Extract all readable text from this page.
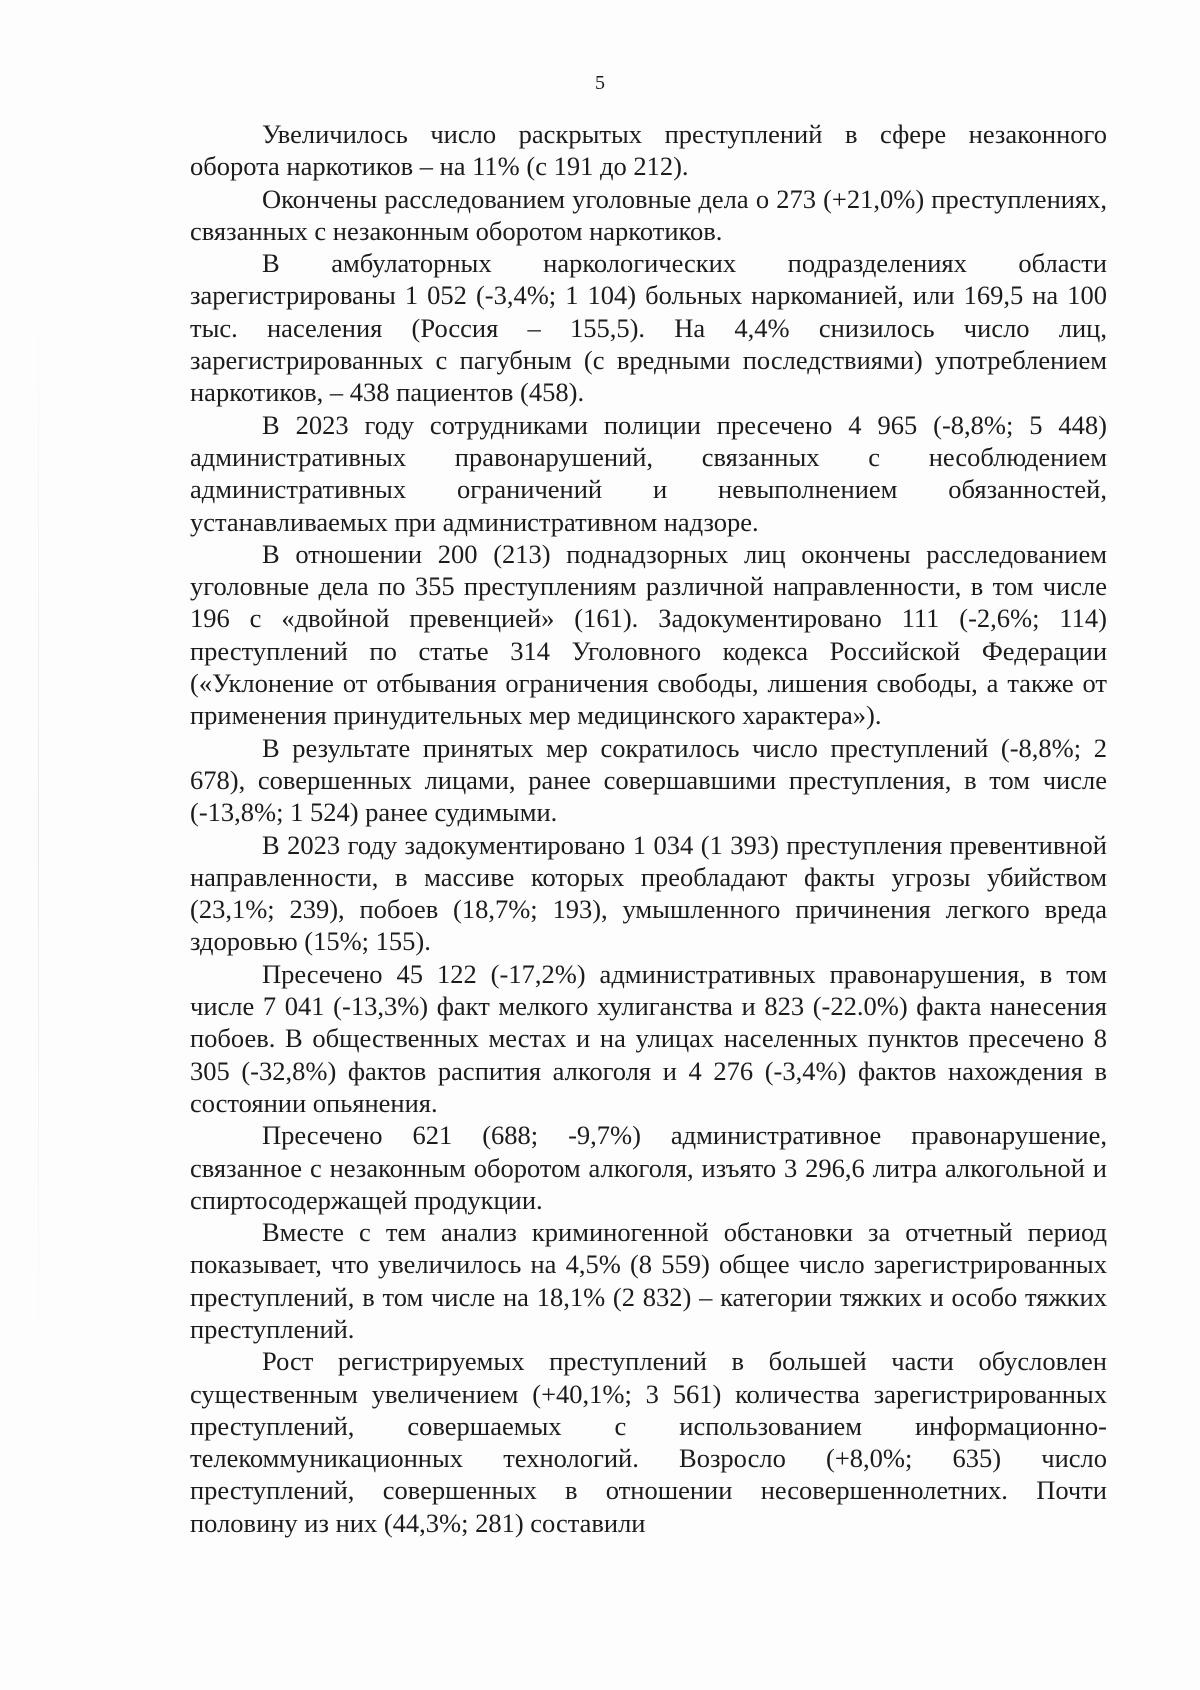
5

Увеличилось число раскрытых преступлений в сфере незаконного оборота наркотиков – на 11% (с 191 до 212).

Окончены расследованием уголовные дела о 273 (+21,0%) преступлениях, связанных с незаконным оборотом наркотиков.

В амбулаторных наркологических подразделениях области зарегистрированы 1 052 (-3,4%; 1 104) больных наркоманией, или 169,5 на 100 тыс. населения (Россия – 155,5). На 4,4% снизилось число лиц, зарегистрированных с пагубным (с вредными последствиями) употреблением наркотиков, – 438 пациентов (458).

В 2023 году сотрудниками полиции пресечено 4 965 (-8,8%; 5 448) административных правонарушений, связанных с несоблюдением административных ограничений и невыполнением обязанностей, устанавливаемых при административном надзоре.

В отношении 200 (213) поднадзорных лиц окончены расследованием уголовные дела по 355 преступлениям различной направленности, в том числе 196 с «двойной превенцией» (161). Задокументировано 111 (-2,6%; 114) преступлений по статье 314 Уголовного кодекса Российской Федерации («Уклонение от отбывания ограничения свободы, лишения свободы, а также от применения принудительных мер медицинского характера»).

В результате принятых мер сократилось число преступлений (-8,8%; 2 678), совершенных лицами, ранее совершавшими преступления, в том числе (-13,8%; 1 524) ранее судимыми.

В 2023 году задокументировано 1 034 (1 393) преступления превентивной направленности, в массиве которых преобладают факты угрозы убийством (23,1%; 239), побоев (18,7%; 193), умышленного причинения легкого вреда здоровью (15%; 155).

Пресечено 45 122 (-17,2%) административных правонарушения, в том числе 7 041 (-13,3%) факт мелкого хулиганства и 823 (-22.0%) факта нанесения побоев. В общественных местах и на улицах населенных пунктов пресечено 8 305 (-32,8%) фактов распития алкоголя и 4 276 (-3,4%) фактов нахождения в состоянии опьянения.

Пресечено 621 (688; -9,7%) административное правонарушение, связанное с незаконным оборотом алкоголя, изъято 3 296,6 литра алкогольной и спиртосодержащей продукции.

Вместе с тем анализ криминогенной обстановки за отчетный период показывает, что увеличилось на 4,5% (8 559) общее число зарегистрированных преступлений, в том числе на 18,1% (2 832) – категории тяжких и особо тяжких преступлений.

Рост регистрируемых преступлений в большей части обусловлен существенным увеличением (+40,1%; 3 561) количества зарегистрированных преступлений, совершаемых с использованием информационно-телекоммуникационных технологий. Возросло (+8,0%; 635) число преступлений, совершенных в отношении несовершеннолетних. Почти половину из них (44,3%; 281) составили
